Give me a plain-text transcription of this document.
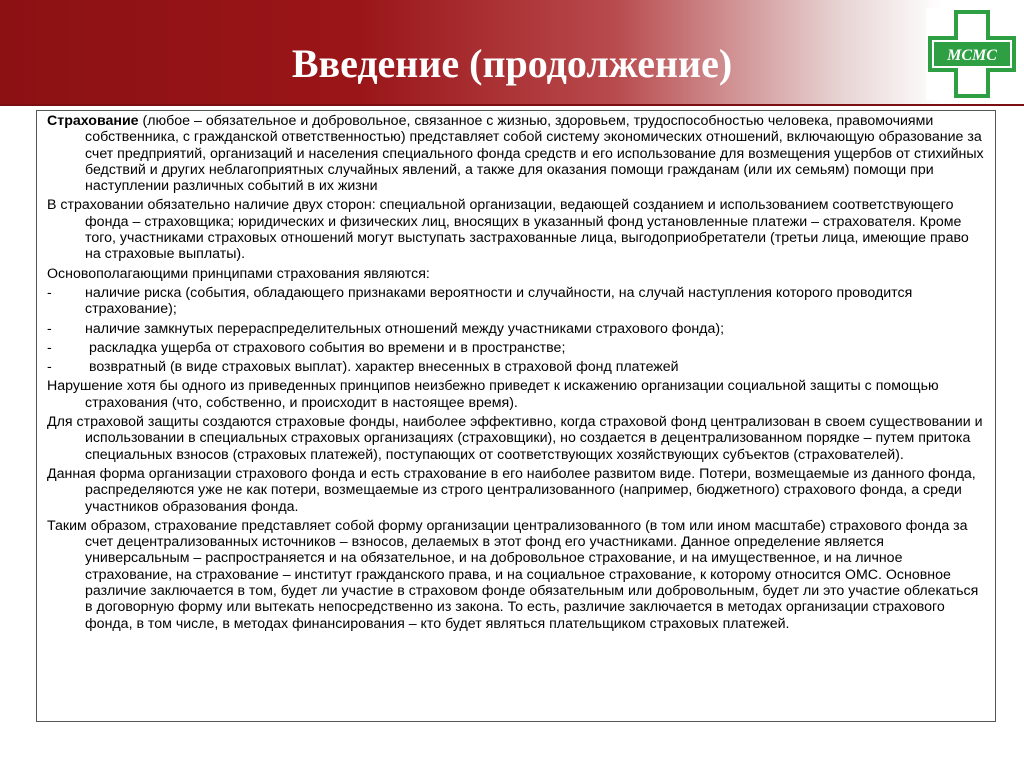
Введение (продолжение)	МСМС

Страхование (любое – обязательное и добровольное, связанное с жизнью, здоровьем, трудоспособностью человека, правомочиями собственника, с гражданской ответственностью) представляет собой систему экономических отношений, включающую образование за счет предприятий, организаций и населения специального фонда средств и его использование для возмещения ущербов от стихийных бедствий и других неблагоприятных случайных явлений, а также для оказания помощи гражданам (или их семьям) помощи при наступлении различных событий в их жизни

В страховании обязательно наличие двух сторон: специальной организации, ведающей созданием и использованием соответствующего фонда – страховщика; юридических и физических лиц, вносящих в указанный фонд установленные платежи – страхователя. Кроме того, участниками страховых отношений могут выступать застрахованные лица, выгодоприобретатели (третьи лица, имеющие право на страховые выплаты).

Основополагающими принципами страхования являются:

- наличие риска (события, обладающего признаками вероятности и случайности, на случай наступления которого проводится страхование);

- наличие замкнутых перераспределительных отношений между участниками страхового фонда);

- раскладка ущерба от страхового события во времени и в пространстве;

- возвратный (в виде страховых выплат). характер внесенных в страховой фонд платежей

Нарушение хотя бы одного из приведенных принципов неизбежно приведет к искажению организации социальной защиты с помощью страхования (что, собственно, и происходит в настоящее время).

Для страховой защиты создаются страховые фонды, наиболее эффективно, когда страховой фонд централизован в своем существовании и использовании в специальных страховых организациях (страховщики), но создается в децентрализованном порядке – путем притока специальных взносов (страховых платежей), поступающих от соответствующих хозяйствующих субъектов (страхователей).

Данная форма организации страхового фонда и есть страхование в его наиболее развитом виде. Потери, возмещаемые из данного фонда, распределяются уже не как потери, возмещаемые из строго централизованного (например, бюджетного) страхового фонда, а среди участников образования фонда.

Таким образом, страхование представляет собой форму организации централизованного (в том или ином масштабе) страхового фонда за счет децентрализованных источников – взносов, делаемых в этот фонд его участниками. Данное определение является универсальным – распространяется и на обязательное, и на добровольное страхование, и на имущественное, и на личное страхование, на страхование – институт гражданского права, и на социальное страхование, к которому относится ОМС. Основное различие заключается в том, будет ли участие в страховом фонде обязательным или добровольным, будет ли это участие облекаться в договорную форму или вытекать непосредственно из закона. То есть, различие заключается в методах организации страхового фонда, в том числе, в методах финансирования – кто будет являться плательщиком страховых платежей.
